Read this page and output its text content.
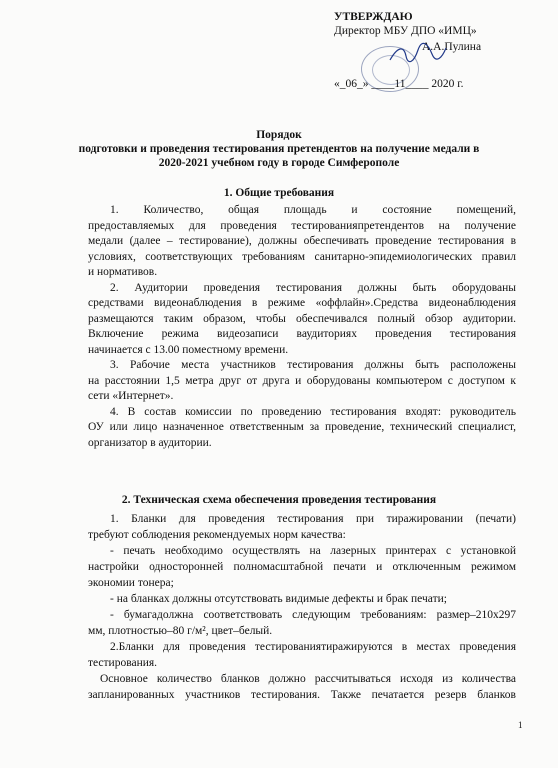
УТВЕРЖДАЮ
Директор МБУ ДПО «ИМЦ»
А.А.Пулина
«_06_» ____11____ 2020 г.
Порядок
подготовки и проведения тестирования претендентов на получение медали в
2020-2021 учебном году в городе Симферополе
1. Общие требования
1. Количество, общая площадь и состояние помещений,
предоставляемых для проведения тестированияпретендентов на получение
медали (далее – тестирование), должны обеспечивать проведение тестирования в
условиях, соответствующих требованиям санитарно-эпидемиологических правил
и нормативов.
2. Аудитории проведения тестирования должны быть оборудованы
средствами видеонаблюдения в режиме «оффлайн».Средства видеонаблюдения
размещаются таким образом, чтобы обеспечивался полный обзор аудитории.
Включение режима видеозаписи ваудиториях проведения тестирования
начинается с 13.00 поместному времени.
3. Рабочие места участников тестирования должны быть расположены
на расстоянии 1,5 метра друг от друга и оборудованы компьютером с доступом к
сети «Интернет».
4. В состав комиссии по проведению тестирования входят: руководитель
ОУ или лицо назначенное ответственным за проведение, технический специалист,
организатор в аудитории.
2. Техническая схема обеспечения проведения тестирования
1. Бланки для проведения тестирования при тиражировании (печати)
требуют соблюдения рекомендуемых норм качества:
- печать необходимо осуществлять на лазерных принтерах с установкой
настройки односторонней полномасштабной печати и отключенным режимом
экономии тонера;
- на бланках должны отсутствовать видимые дефекты и брак печати;
- бумагадолжна соответствовать следующим требованиям: размер–210х297
мм, плотностью–80 г/м², цвет–белый.
2.Бланки для проведения тестированиятиражируются в местах проведения
тестирования.
Основное количество бланков должно рассчитываться исходя из количества
запланированных участников тестирования. Также печатается резерв бланков
1
